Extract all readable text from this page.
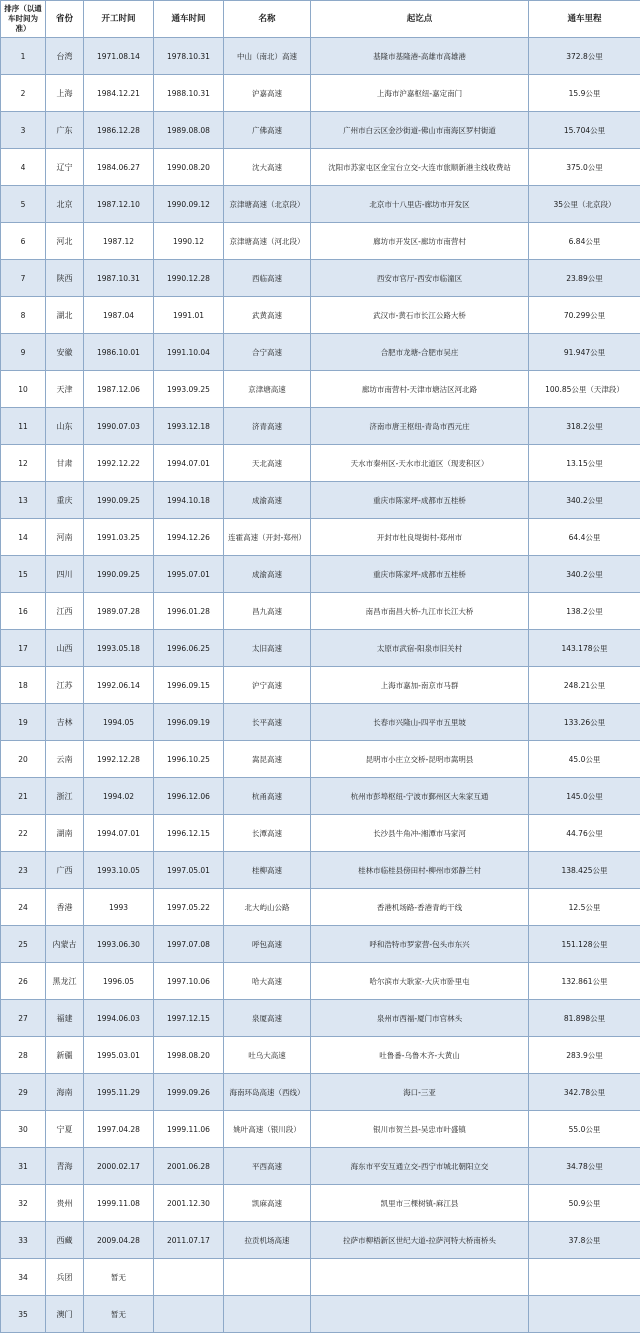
排序（以通车时间为准）	省份	开工时间	通车时间	名称	起讫点	通车里程
1	台湾	1971.08.14	1978.10.31	中山（南北）高速	基隆市基隆港-高雄市高雄港	372.8公里
2	上海	1984.12.21	1988.10.31	沪嘉高速	上海市沪嘉枢纽-嘉定南门	15.9公里
3	广东	1986.12.28	1989.08.08	广佛高速	广州市白云区金沙街道-佛山市南海区罗村街道	15.704公里
4	辽宁	1984.06.27	1990.08.20	沈大高速	沈阳市苏家屯区金宝台立交-大连市旅顺新港主线收费站	375.0公里
5	北京	1987.12.10	1990.09.12	京津塘高速（北京段）	北京市十八里店-廊坊市开发区	35公里（北京段）
6	河北	1987.12	1990.12	京津塘高速（河北段）	廊坊市开发区-廊坊市南营村	6.84公里
7	陕西	1987.10.31	1990.12.28	西临高速	西安市官厅-西安市临潼区	23.89公里
8	湖北	1987.04	1991.01	武黄高速	武汉市-黄石市长江公路大桥	70.299公里
9	安徽	1986.10.01	1991.10.04	合宁高速	合肥市龙塘-合肥市吴庄	91.947公里
10	天津	1987.12.06	1993.09.25	京津塘高速	廊坊市南营村-天津市塘沽区河北路	100.85公里（天津段）
11	山东	1990.07.03	1993.12.18	济青高速	济南市唐王枢纽-青岛市西元庄	318.2公里
12	甘肃	1992.12.22	1994.07.01	天北高速	天水市秦州区-天水市北道区（现麦积区）	13.15公里
13	重庆	1990.09.25	1994.10.18	成渝高速	重庆市陈家坪-成都市五桂桥	340.2公里
14	河南	1991.03.25	1994.12.26	连霍高速（开封-郑州）	开封市杜良堤街村-郑州市	64.4公里
15	四川	1990.09.25	1995.07.01	成渝高速	重庆市陈家坪-成都市五桂桥	340.2公里
16	江西	1989.07.28	1996.01.28	昌九高速	南昌市南昌大桥-九江市长江大桥	138.2公里
17	山西	1993.05.18	1996.06.25	太旧高速	太原市武宿-阳泉市旧关村	143.178公里
18	江苏	1992.06.14	1996.09.15	沪宁高速	上海市嘉加-南京市马群	248.21公里
19	吉林	1994.05	1996.09.19	长平高速	长春市兴隆山-四平市五里坡	133.26公里
20	云南	1992.12.28	1996.10.25	嵩昆高速	昆明市小庄立交桥-昆明市嵩明县	45.0公里
21	浙江	1994.02	1996.12.06	杭甬高速	杭州市彭埠枢纽-宁波市鄞州区大朱家互通	145.0公里
22	湖南	1994.07.01	1996.12.15	长潭高速	长沙县牛角冲-湘潭市马家河	44.76公里
23	广西	1993.10.05	1997.05.01	桂柳高速	桂林市临桂县傍田村-柳州市郊静兰村	138.425公里
24	香港	1993	1997.05.22	北大屿山公路	香港机场路-香港青屿干线	12.5公里
25	内蒙古	1993.06.30	1997.07.08	呼包高速	呼和浩特市罗家营-包头市东兴	151.128公里
26	黑龙江	1996.05	1997.10.06	哈大高速	哈尔滨市大耿家-大庆市卧里屯	132.861公里
27	福建	1994.06.03	1997.12.15	泉厦高速	泉州市西福-厦门市官林头	81.898公里
28	新疆	1995.03.01	1998.08.20	吐乌大高速	吐鲁番-乌鲁木齐-大黄山	283.9公里
29	海南	1995.11.29	1999.09.26	海南环岛高速（西线）	海口-三亚	342.78公里
30	宁夏	1997.04.28	1999.11.06	姚叶高速（银川段）	银川市贺兰县-吴忠市叶盛镇	55.0公里
31	青海	2000.02.17	2001.06.28	平西高速	海东市平安互通立交-西宁市城北朝阳立交	34.78公里
32	贵州	1999.11.08	2001.12.30	凯麻高速	凯里市三棵树镇-麻江县	50.9公里
33	西藏	2009.04.28	2011.07.17	拉贡机场高速	拉萨市柳梧新区世纪大道-拉萨河特大桥南桥头	37.8公里
34	兵团	暂无				
35	澳门	暂无				
